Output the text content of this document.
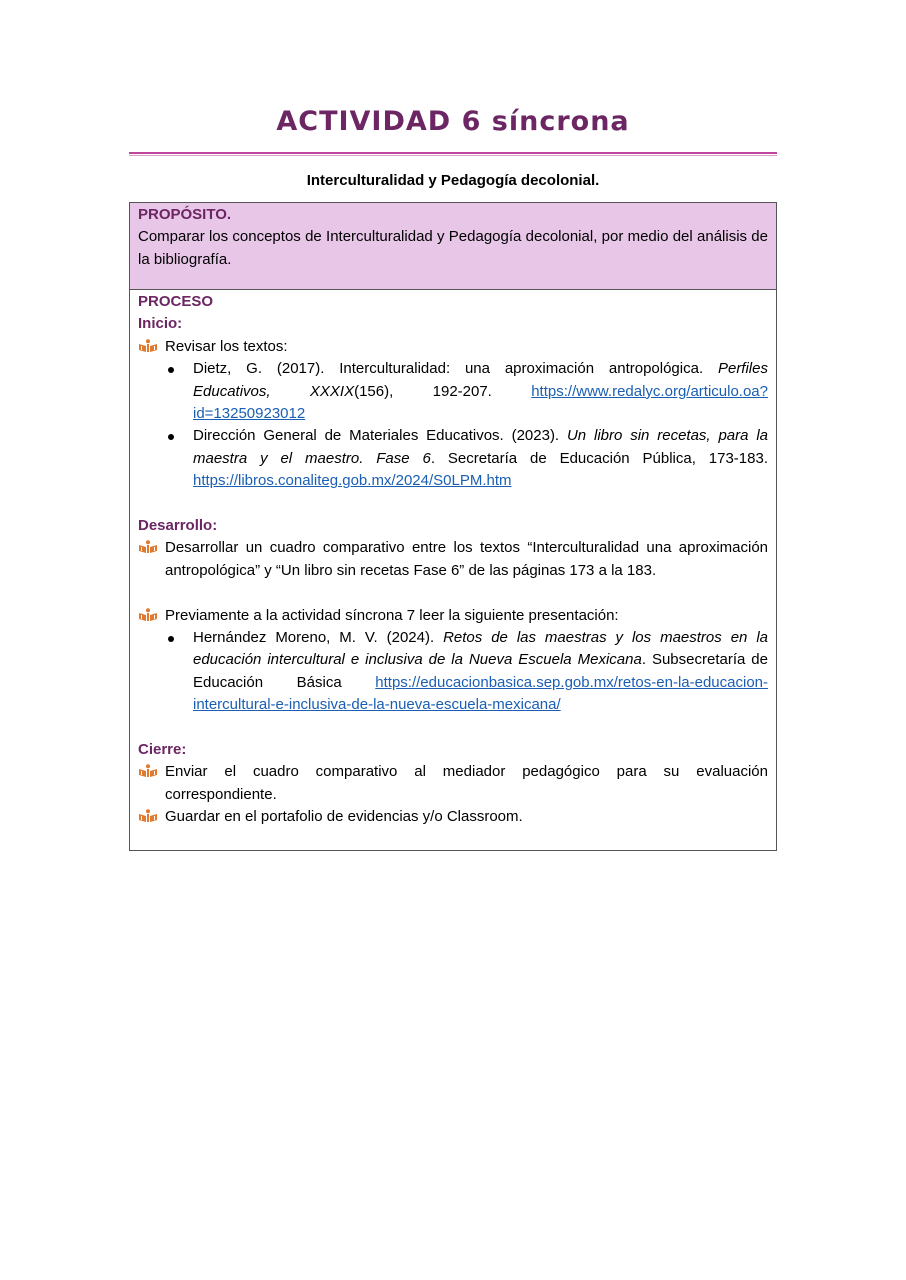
ACTIVIDAD 6 síncrona

Interculturalidad y Pedagogía decolonial.

PROPÓSITO.
Comparar los conceptos de Interculturalidad y Pedagogía decolonial, por medio del análisis de la bibliografía.
PROCESO
Inicio:
Revisar los textos:
Dietz, G. (2017). Interculturalidad: una aproximación antropológica. Perfiles Educativos, XXXIX(156), 192-207. https://www.redalyc.org/articulo.oa?id=13250923012
Dirección General de Materiales Educativos. (2023). Un libro sin recetas, para la maestra y el maestro. Fase 6. Secretaría de Educación Pública, 173-183. https://libros.conaliteg.gob.mx/2024/S0LPM.htm
Desarrollo:
Desarrollar un cuadro comparativo entre los textos “Interculturalidad una aproximación antropológica” y “Un libro sin recetas Fase 6” de las páginas 173 a la 183.
Previamente a la actividad síncrona 7 leer la siguiente presentación:
Hernández Moreno, M. V. (2024). Retos de las maestras y los maestros en la educación intercultural e inclusiva de la Nueva Escuela Mexicana. Subsecretaría de Educación Básica https://educacionbasica.sep.gob.mx/retos-en-la-educacion-intercultural-e-inclusiva-de-la-nueva-escuela-mexicana/
Cierre:
Enviar el cuadro comparativo al mediador pedagógico para su evaluación correspondiente.
Guardar en el portafolio de evidencias y/o Classroom.
